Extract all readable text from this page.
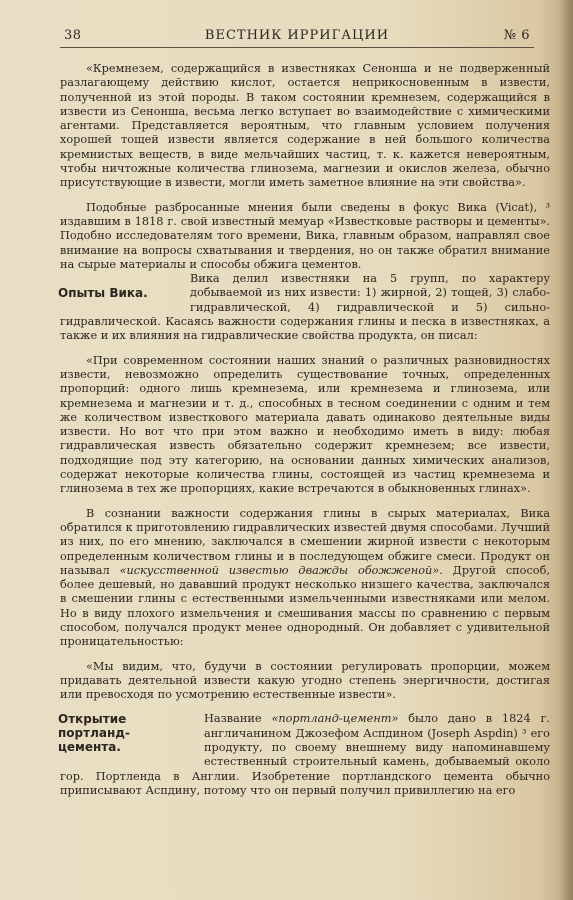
38	ВЕСТНИК ИРРИГАЦИИ	№ 6

«Кремнезем, содержащийся в известняках Сеноншa и не подверженный разлагающему действию кислот, остается неприкосновенным в извести, полученной из этой породы. В таком состоянии кремнезем, содержащийся в извести из Сенонша, весьма легко вступает во взаимодействие с химическими агентами. Представляется вероятным, что главным условием получения хорошей тощей извести является содержание в ней большого количества кремнистых веществ, в виде мельчайших частиц, т. к. кажется невероятным, чтобы ничтожные количества глинозема, магнезии и окислов железа, обычно присутствующие в извести, могли иметь заметное влияние на эти свойства».

Подобные разбросанные мнения были сведены в фокус Вика (Vicat), ³ издавшим в 1818 г. свой известный мемуар «Известковые растворы и цементы». Подобно исследователям того времени, Вика, главным образом, направлял свое внимание на вопросы схватывания и твердения, но он также обратил внимание на сырые материалы и способы обжига цементов.

Опыты Вика.

Вика делил известняки на 5 групп, по характеру добываемой из них извести: 1) жирной, 2) тощей, 3) слабо-гидравлической, 4) гидравлической и 5) сильно-гидравлической. Касаясь важности содержания глины и песка в известняках, а также и их влияния на гидравлические свойства продукта, он писал:

«При современном состоянии наших знаний о различных разновидностях извести, невозможно определить существование точных, определенных пропорций: одного лишь кремнезема, или кремнезема и глинозема, или кремнезема и магнезии и т. д., способных в тесном соединении с одним и тем же количеством известкового материала давать одинаково деятельные виды извести. Но вот что при этом важно и необходимо иметь в виду: любая гидравлическая известь обязательно содержит кремнезем; все извести, подходящие под эту категорию, на основании данных химических анализов, содержат некоторые количества глины, состоящей из частиц кремнезема и глинозема в тех же пропорциях, какие встречаются в обыкновенных глинах».

В сознании важности содержания глины в сырых материалах, Вика обратился к приготовлению гидравлических известей двумя способами. Лучший из них, по его мнению, заключался в смешении жирной извести с некоторым определенным количеством глины и в последующем обжиге смеси. Продукт он называл «искусственной известью дважды обожженой». Другой способ, более дешевый, но дававший продукт несколько низшего качества, заключался в смешении глины с естественными измельченными известняками или мелом. Но в виду плохого измельчения и смешивания массы по сравнению с первым способом, получался продукт менее однородный. Он добавляет с удивительной проницательностью:

«Мы видим, что, будучи в состоянии регулировать пропорции, можем придавать деятельной извести какую угодно степень энергичности, достигая или превосходя по усмотрению естественные извести».

Открытие портланд-цемента.

Название «портланд-цемент» было дано в 1824 г. англичанином Джозефом Аспдином (Joseph Aspdin) ³ его продукту, по своему внешнему виду напоминавшему естественный строительный камень, добываемый около гор. Портленда в Англии. Изобретение портландского цемента обычно приписывают Аспдину, потому что он первый получил привиллегию на его
